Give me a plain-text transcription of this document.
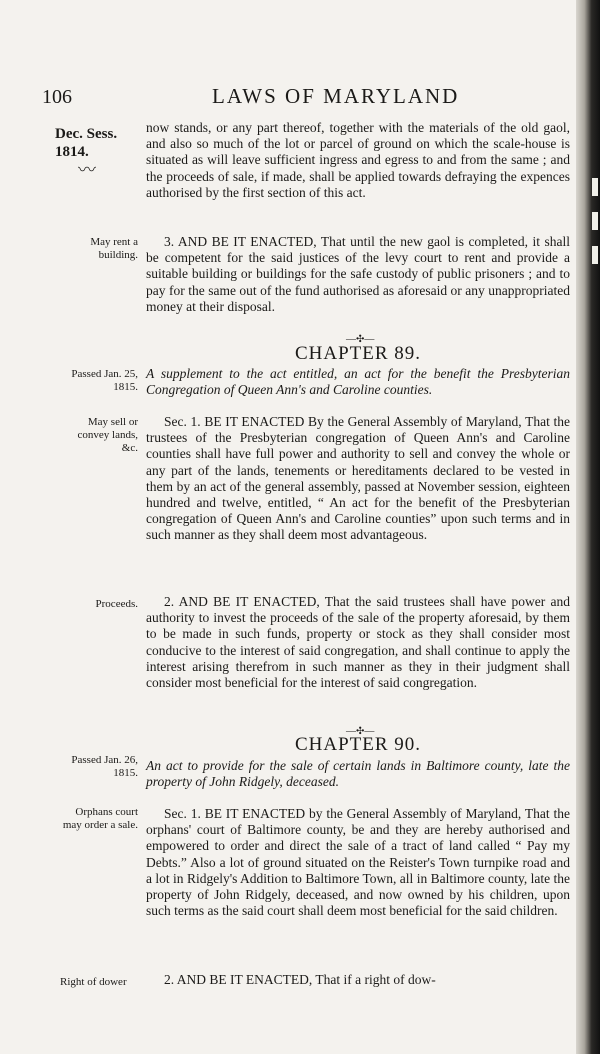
106	LAWS OF MARYLAND
Dec. Sess. 1814.
〰

now stands, or any part thereof, together with the materials of the old gaol, and also so much of the lot or parcel of ground on which the scale-house is situated as will leave sufficient ingress and egress to and from the same ; and the proceeds of sale, if made, shall be applied towards defraying the expences authorised by the first section of this act.

May rent a building.

3. AND BE IT ENACTED, That until the new gaol is completed, it shall be competent for the said justices of the levy court to rent and provide a suitable building or buildings for the safe custody of public prisoners ; and to pay for the same out of the fund authorised as aforesaid or any unappropriated money at their disposal.

—✣—
CHAPTER 89.
Passed Jan. 25, 1815.

A supplement to the act entitled, an act for the benefit the Presbyterian Congregation of Queen Ann's and Caroline counties.

May sell or convey lands, &c.

Sec. 1. BE IT ENACTED By the General Assembly of Maryland, That the trustees of the Presbyterian congregation of Queen Ann's and Caroline counties shall have full power and authority to sell and convey the whole or any part of the lands, tenements or hereditaments declared to be vested in them by an act of the general assembly, passed at November session, eighteen hundred and twelve, entitled, “ An act for the benefit of the Presbyterian congregation of Queen Ann's and Caroline counties” upon such terms and in such manner as they shall deem most advantageous.

Proceeds.	2. AND BE IT ENACTED, That the said trustees shall have power and authority to invest the proceeds of the sale of the property aforesaid, by them to be made in such funds, property or stock as they shall consider most conducive to the interest of said congregation, and shall continue to apply the interest arising therefrom in such manner as they in their judgment shall consider most beneficial for the interest of said congregation.

—✣—
CHAPTER 90.
Passed Jan. 26, 1815. An act to provide for the sale of certain lands in Baltimore county, late the property of John Ridgely, deceased.

Orphans court may order a sale.

Sec. 1. BE IT ENACTED by the General Assembly of Maryland, That the orphans' court of Baltimore county, be and they are hereby authorised and empowered to order and direct the sale of a tract of land called “ Pay my Debts.” Also a lot of ground situated on the Reister's Town turnpike road and a lot in Ridgely's Addition to Baltimore Town, all in Baltimore county, late the property of John Ridgely, deceased, and now owned by his children, upon such terms as the said court shall deem most beneficial for the said children.

Right of dower	2. AND BE IT ENACTED, That if a right of dow-
